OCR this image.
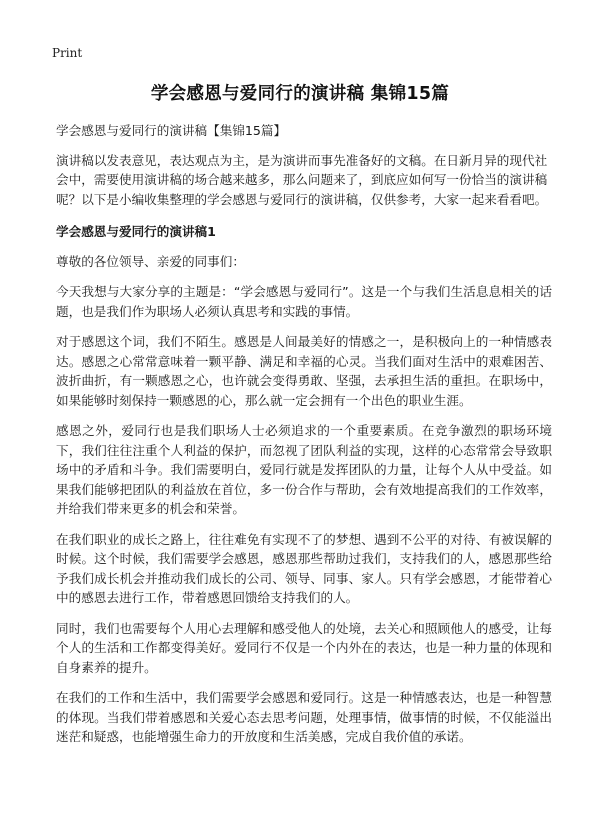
Print
学会感恩与爱同行的演讲稿 集锦15篇

学会感恩与爱同行的演讲稿【集锦15篇】

演讲稿以发表意见，表达观点为主，是为演讲而事先准备好的文稿。在日新月异的现代社会中，需要使用演讲稿的场合越来越多，那么问题来了，到底应如何写一份恰当的演讲稿呢？以下是小编收集整理的学会感恩与爱同行的演讲稿，仅供参考，大家一起来看看吧。

学会感恩与爱同行的演讲稿1

尊敬的各位领导、亲爱的同事们：

今天我想与大家分享的主题是：“学会感恩与爱同行”。这是一个与我们生活息息相关的话题，也是我们作为职场人必须认真思考和实践的事情。

对于感恩这个词，我们不陌生。感恩是人间最美好的情感之一，是积极向上的一种情感表达。感恩之心常常意味着一颗平静、满足和幸福的心灵。当我们面对生活中的艰难困苦、波折曲折，有一颗感恩之心，也许就会变得勇敢、坚强，去承担生活的重担。在职场中，如果能够时刻保持一颗感恩的心，那么就一定会拥有一个出色的职业生涯。

感恩之外，爱同行也是我们职场人士必须追求的一个重要素质。在竞争激烈的职场环境下，我们往往注重个人利益的保护，而忽视了团队利益的实现，这样的心态常常会导致职场中的矛盾和斗争。我们需要明白，爱同行就是发挥团队的力量，让每个人从中受益。如果我们能够把团队的利益放在首位，多一份合作与帮助，会有效地提高我们的工作效率，并给我们带来更多的机会和荣誉。

在我们职业的成长之路上，往往难免有实现不了的梦想、遇到不公平的对待、有被误解的时候。这个时候，我们需要学会感恩，感恩那些帮助过我们，支持我们的人，感恩那些给予我们成长机会并推动我们成长的公司、领导、同事、家人。只有学会感恩，才能带着心中的感恩去进行工作，带着感恩回馈给支持我们的人。

同时，我们也需要每个人用心去理解和感受他人的处境，去关心和照顾他人的感受，让每个人的生活和工作都变得美好。爱同行不仅是一个内外在的表达，也是一种力量的体现和自身素养的提升。

在我们的工作和生活中，我们需要学会感恩和爱同行。这是一种情感表达，也是一种智慧的体现。当我们带着感恩和关爱心态去思考问题，处理事情，做事情的时候，不仅能溢出迷茫和疑惑，也能增强生命力的开放度和生活美感，完成自我价值的承诺。
